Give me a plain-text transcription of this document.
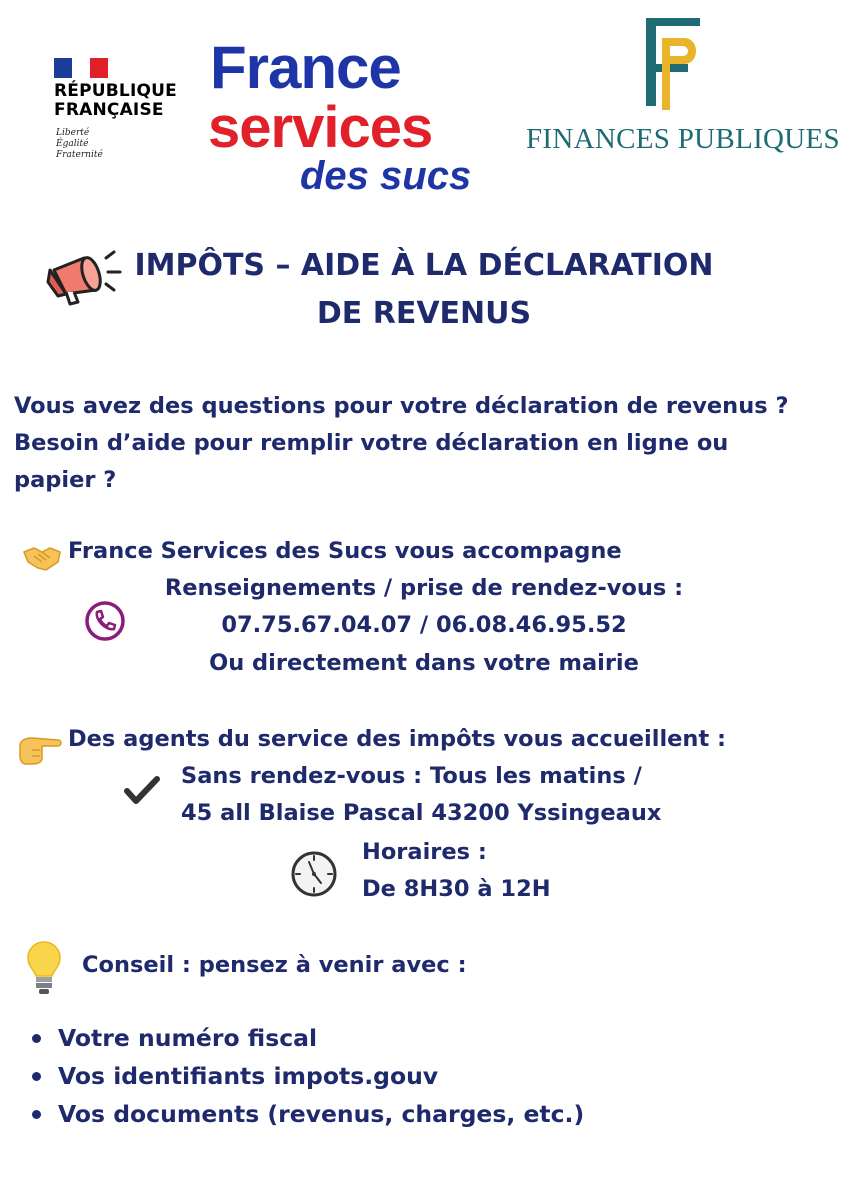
RÉPUBLIQUE
FRANÇAISE
Liberté
Égalité
Fraternité
France
services
des sucs
FINANCES PUBLIQUES
IMPÔTS – AIDE À LA DÉCLARATION
DE REVENUS
Vous avez des questions pour votre déclaration de revenus ?
Besoin d’aide pour remplir votre déclaration en ligne ou
papier ?
France Services des Sucs vous accompagne
Renseignements / prise de rendez-vous :
07.75.67.04.07 / 06.08.46.95.52
Ou directement dans votre mairie
Des agents du service des impôts vous accueillent :
Sans rendez-vous : Tous les matins /
45 all Blaise Pascal 43200 Yssingeaux
Horaires :
De 8H30 à 12H
Conseil : pensez à venir avec :
Votre numéro fiscal
Vos identifiants impots.gouv
Vos documents (revenus, charges, etc.)
